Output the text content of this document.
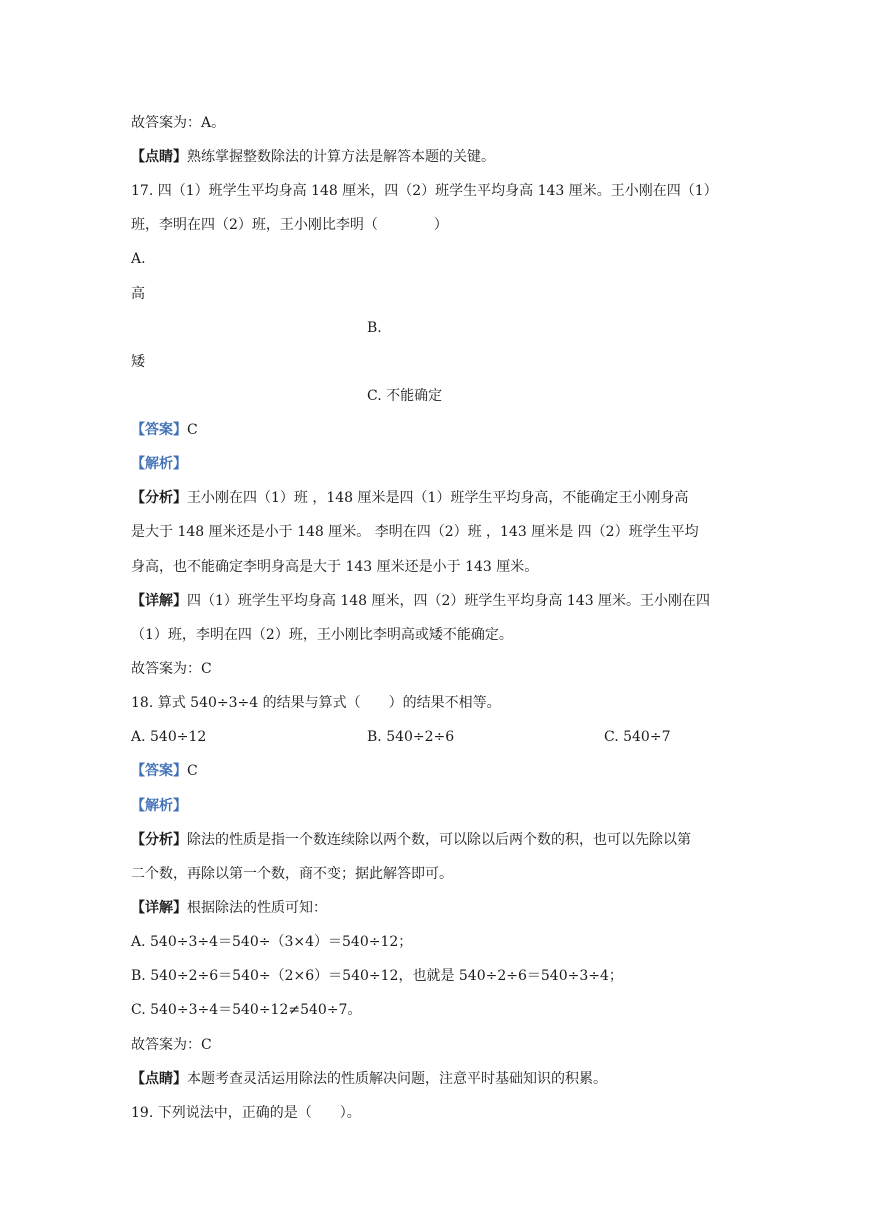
故答案为：A。
【点睛】熟练掌握整数除法的计算方法是解答本题的关键。
17. 四（1）班学生平均身高 148 厘米，四（2）班学生平均身高 143 厘米。王小刚在四（1）
班，李明在四（2）班，王小刚比李明（　　　　）
A.
高
B.
矮
C. 不能确定
【答案】C
【解析】
【分析】王小刚在四（1）班 ，148 厘米是四（1）班学生平均身高，不能确定王小刚身高
是大于 148 厘米还是小于 148 厘米。 李明在四（2）班 ，143 厘米是 四（2）班学生平均
身高，也不能确定李明身高是大于 143 厘米还是小于 143 厘米。
【详解】四（1）班学生平均身高 148 厘米，四（2）班学生平均身高 143 厘米。王小刚在四
（1）班，李明在四（2）班，王小刚比李明高或矮不能确定。
故答案为：C
18. 算式 540÷3÷4 的结果与算式（　　）的结果不相等。
A. 540÷12	B. 540÷2÷6	C. 540÷7
【答案】C
【解析】
【分析】除法的性质是指一个数连续除以两个数，可以除以后两个数的积，也可以先除以第
二个数，再除以第一个数，商不变；据此解答即可。
【详解】根据除法的性质可知：
A. 540÷3÷4＝540÷（3×4）＝540÷12；
B. 540÷2÷6＝540÷（2×6）＝540÷12，也就是 540÷2÷6＝540÷3÷4；
C. 540÷3÷4＝540÷12≠540÷7。
故答案为：C
【点睛】本题考查灵活运用除法的性质解决问题，注意平时基础知识的积累。
19. 下列说法中，正确的是（　　）。
